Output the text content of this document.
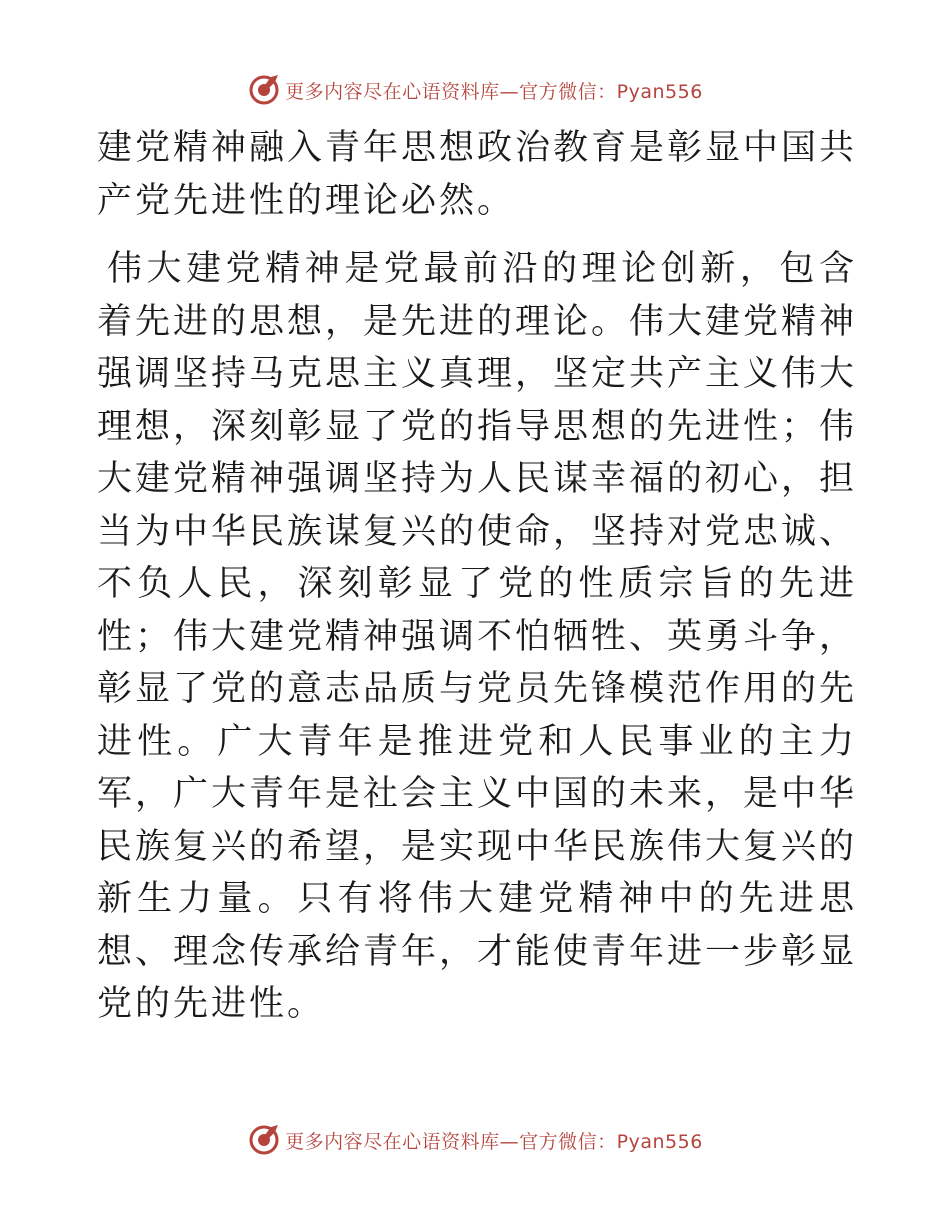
更多内容尽在心语资料库—官方微信：Pyan556

建党精神融入青年思想政治教育是彰显中国共产党先进性的理论必然。

伟大建党精神是党最前沿的理论创新，包含着先进的思想，是先进的理论。伟大建党精神强调坚持马克思主义真理，坚定共产主义伟大理想，深刻彰显了党的指导思想的先进性；伟大建党精神强调坚持为人民谋幸福的初心，担当为中华民族谋复兴的使命，坚持对党忠诚、不负人民，深刻彰显了党的性质宗旨的先进性；伟大建党精神强调不怕牺牲、英勇斗争，彰显了党的意志品质与党员先锋模范作用的先进性。广大青年是推进党和人民事业的主力军，广大青年是社会主义中国的未来，是中华民族复兴的希望，是实现中华民族伟大复兴的新生力量。只有将伟大建党精神中的先进思想、理念传承给青年，才能使青年进一步彰显党的先进性。

更多内容尽在心语资料库—官方微信：Pyan556
